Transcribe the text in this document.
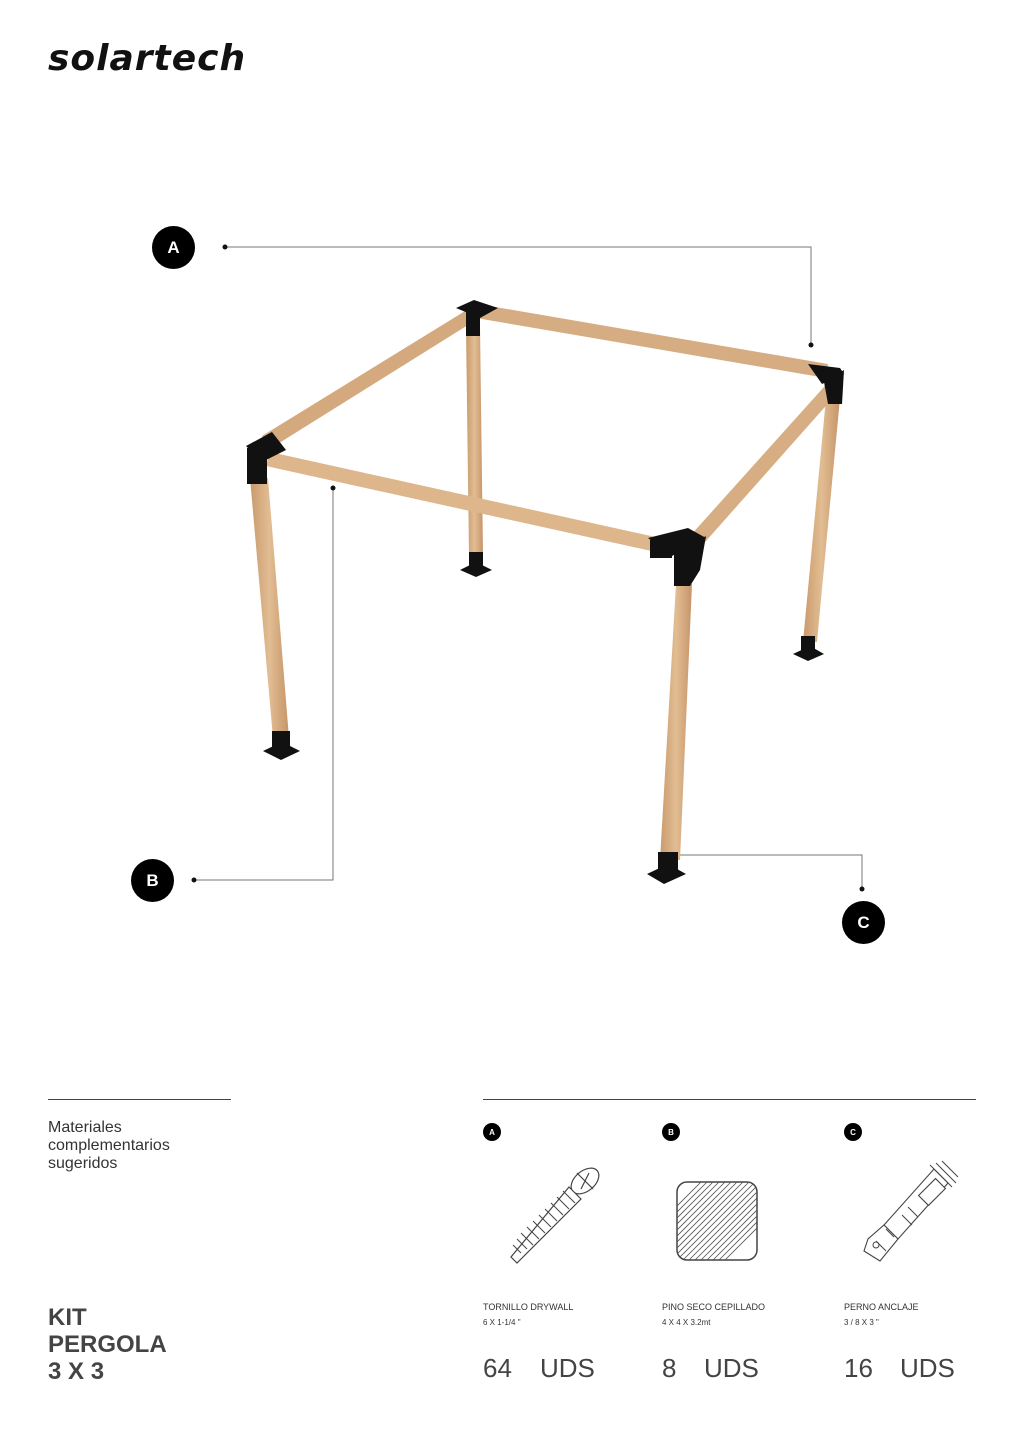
solartech
A
B
C
Materiales
complementarios
sugeridos
KIT
PERGOLA
3 X 3
A
TORNILLO DRYWALL
6 X 1-1/4 "
64 UDS
B
PINO SECO CEPILLADO
4 X 4 X 3.2mt
8 UDS
C
PERNO ANCLAJE
3 / 8 X 3 "
16 UDS
